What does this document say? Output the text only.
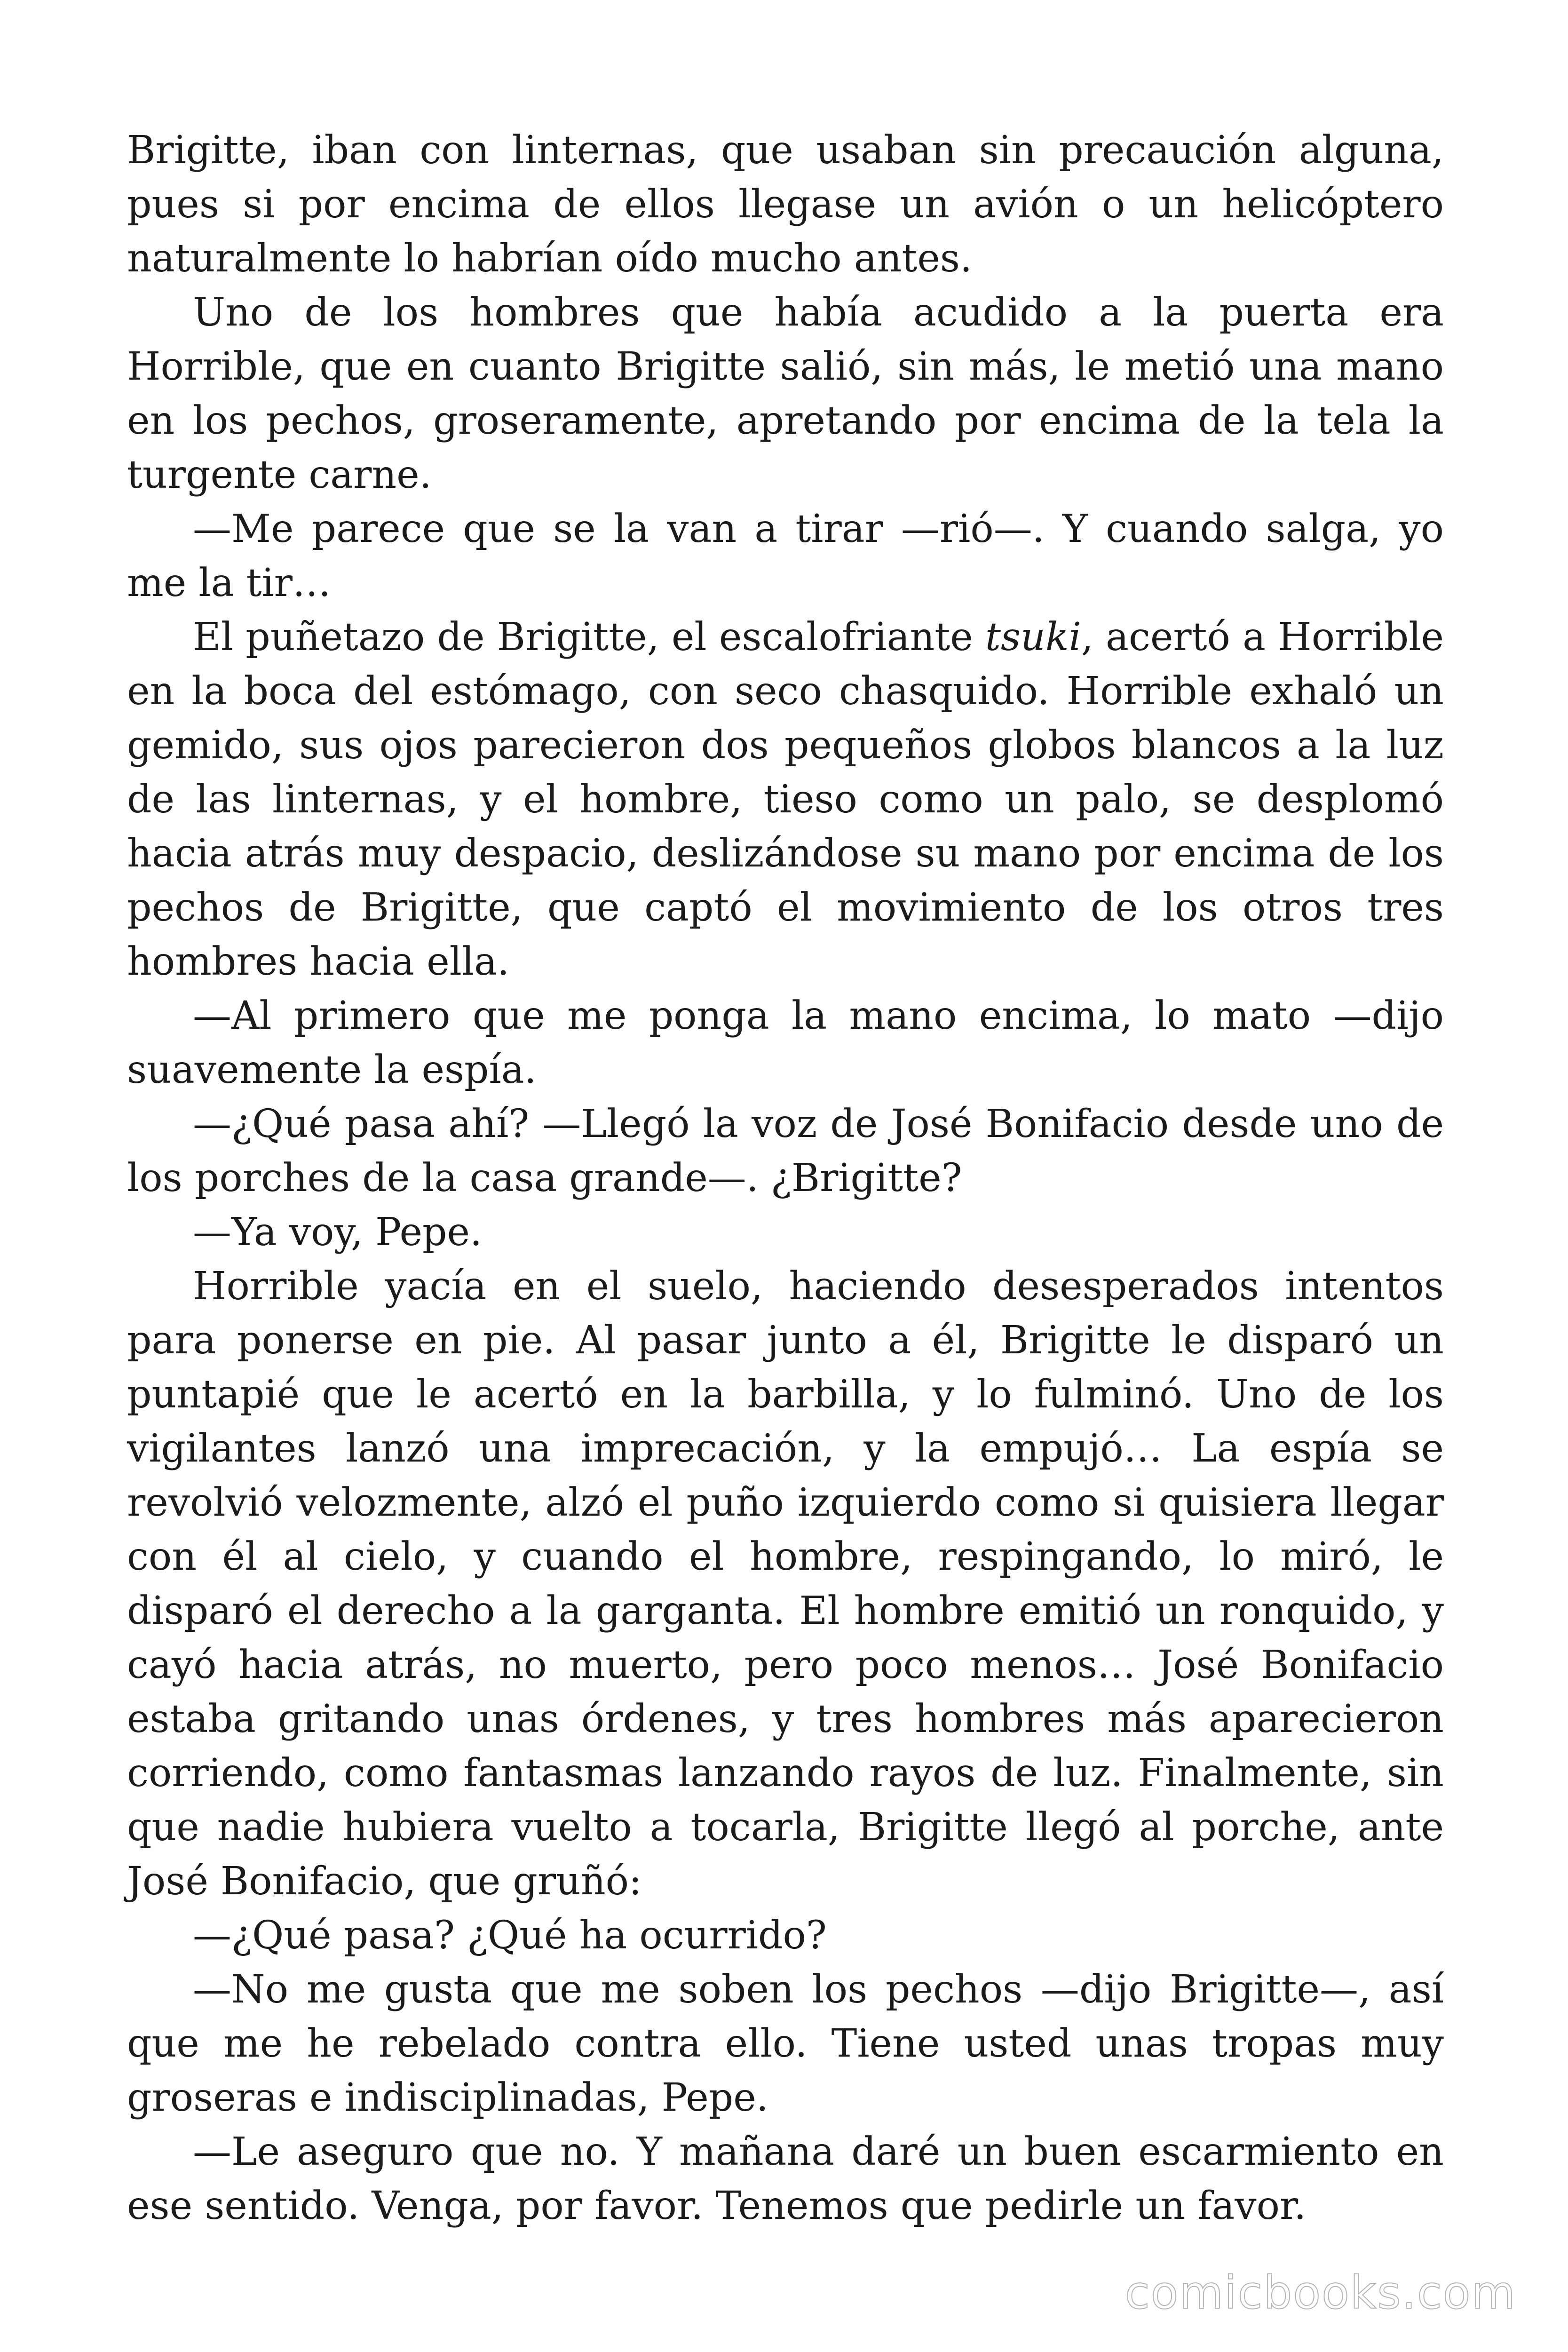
Brigitte, iban con linternas, que usaban sin precaución alguna, pues si por encima de ellos llegase un avión o un helicóptero naturalmente lo habrían oído mucho antes.

Uno de los hombres que había acudido a la puerta era Horrible, que en cuanto Brigitte salió, sin más, le metió una mano en los pechos, groseramente, apretando por encima de la tela la turgente carne.

—Me parece que se la van a tirar —rió—. Y cuando salga, yo me la tir…

El puñetazo de Brigitte, el escalofriante tsuki, acertó a Horrible en la boca del estómago, con seco chasquido. Horrible exhaló un gemido, sus ojos parecieron dos pequeños globos blancos a la luz de las linternas, y el hombre, tieso como un palo, se desplomó hacia atrás muy despacio, deslizándose su mano por encima de los pechos de Brigitte, que captó el movimiento de los otros tres hombres hacia ella.

—Al primero que me ponga la mano encima, lo mato —dijo suavemente la espía.

—¿Qué pasa ahí? —Llegó la voz de José Bonifacio desde uno de los porches de la casa grande—. ¿Brigitte?

—Ya voy, Pepe.

Horrible yacía en el suelo, haciendo desesperados intentos para ponerse en pie. Al pasar junto a él, Brigitte le disparó un puntapié que le acertó en la barbilla, y lo fulminó. Uno de los vigilantes lanzó una imprecación, y la empujó… La espía se revolvió velozmente, alzó el puño izquierdo como si quisiera llegar con él al cielo, y cuando el hombre, respingando, lo miró, le disparó el derecho a la garganta. El hombre emitió un ronquido, y cayó hacia atrás, no muerto, pero poco menos… José Bonifacio estaba gritando unas órdenes, y tres hombres más aparecieron corriendo, como fantasmas lanzando rayos de luz. Finalmente, sin que nadie hubiera vuelto a tocarla, Brigitte llegó al porche, ante José Bonifacio, que gruñó:

—¿Qué pasa? ¿Qué ha ocurrido?

—No me gusta que me soben los pechos —dijo Brigitte—, así que me he rebelado contra ello. Tiene usted unas tropas muy groseras e indisciplinadas, Pepe.

—Le aseguro que no. Y mañana daré un buen escarmiento en ese sentido. Venga, por favor. Tenemos que pedirle un favor.

comicbooks.com
